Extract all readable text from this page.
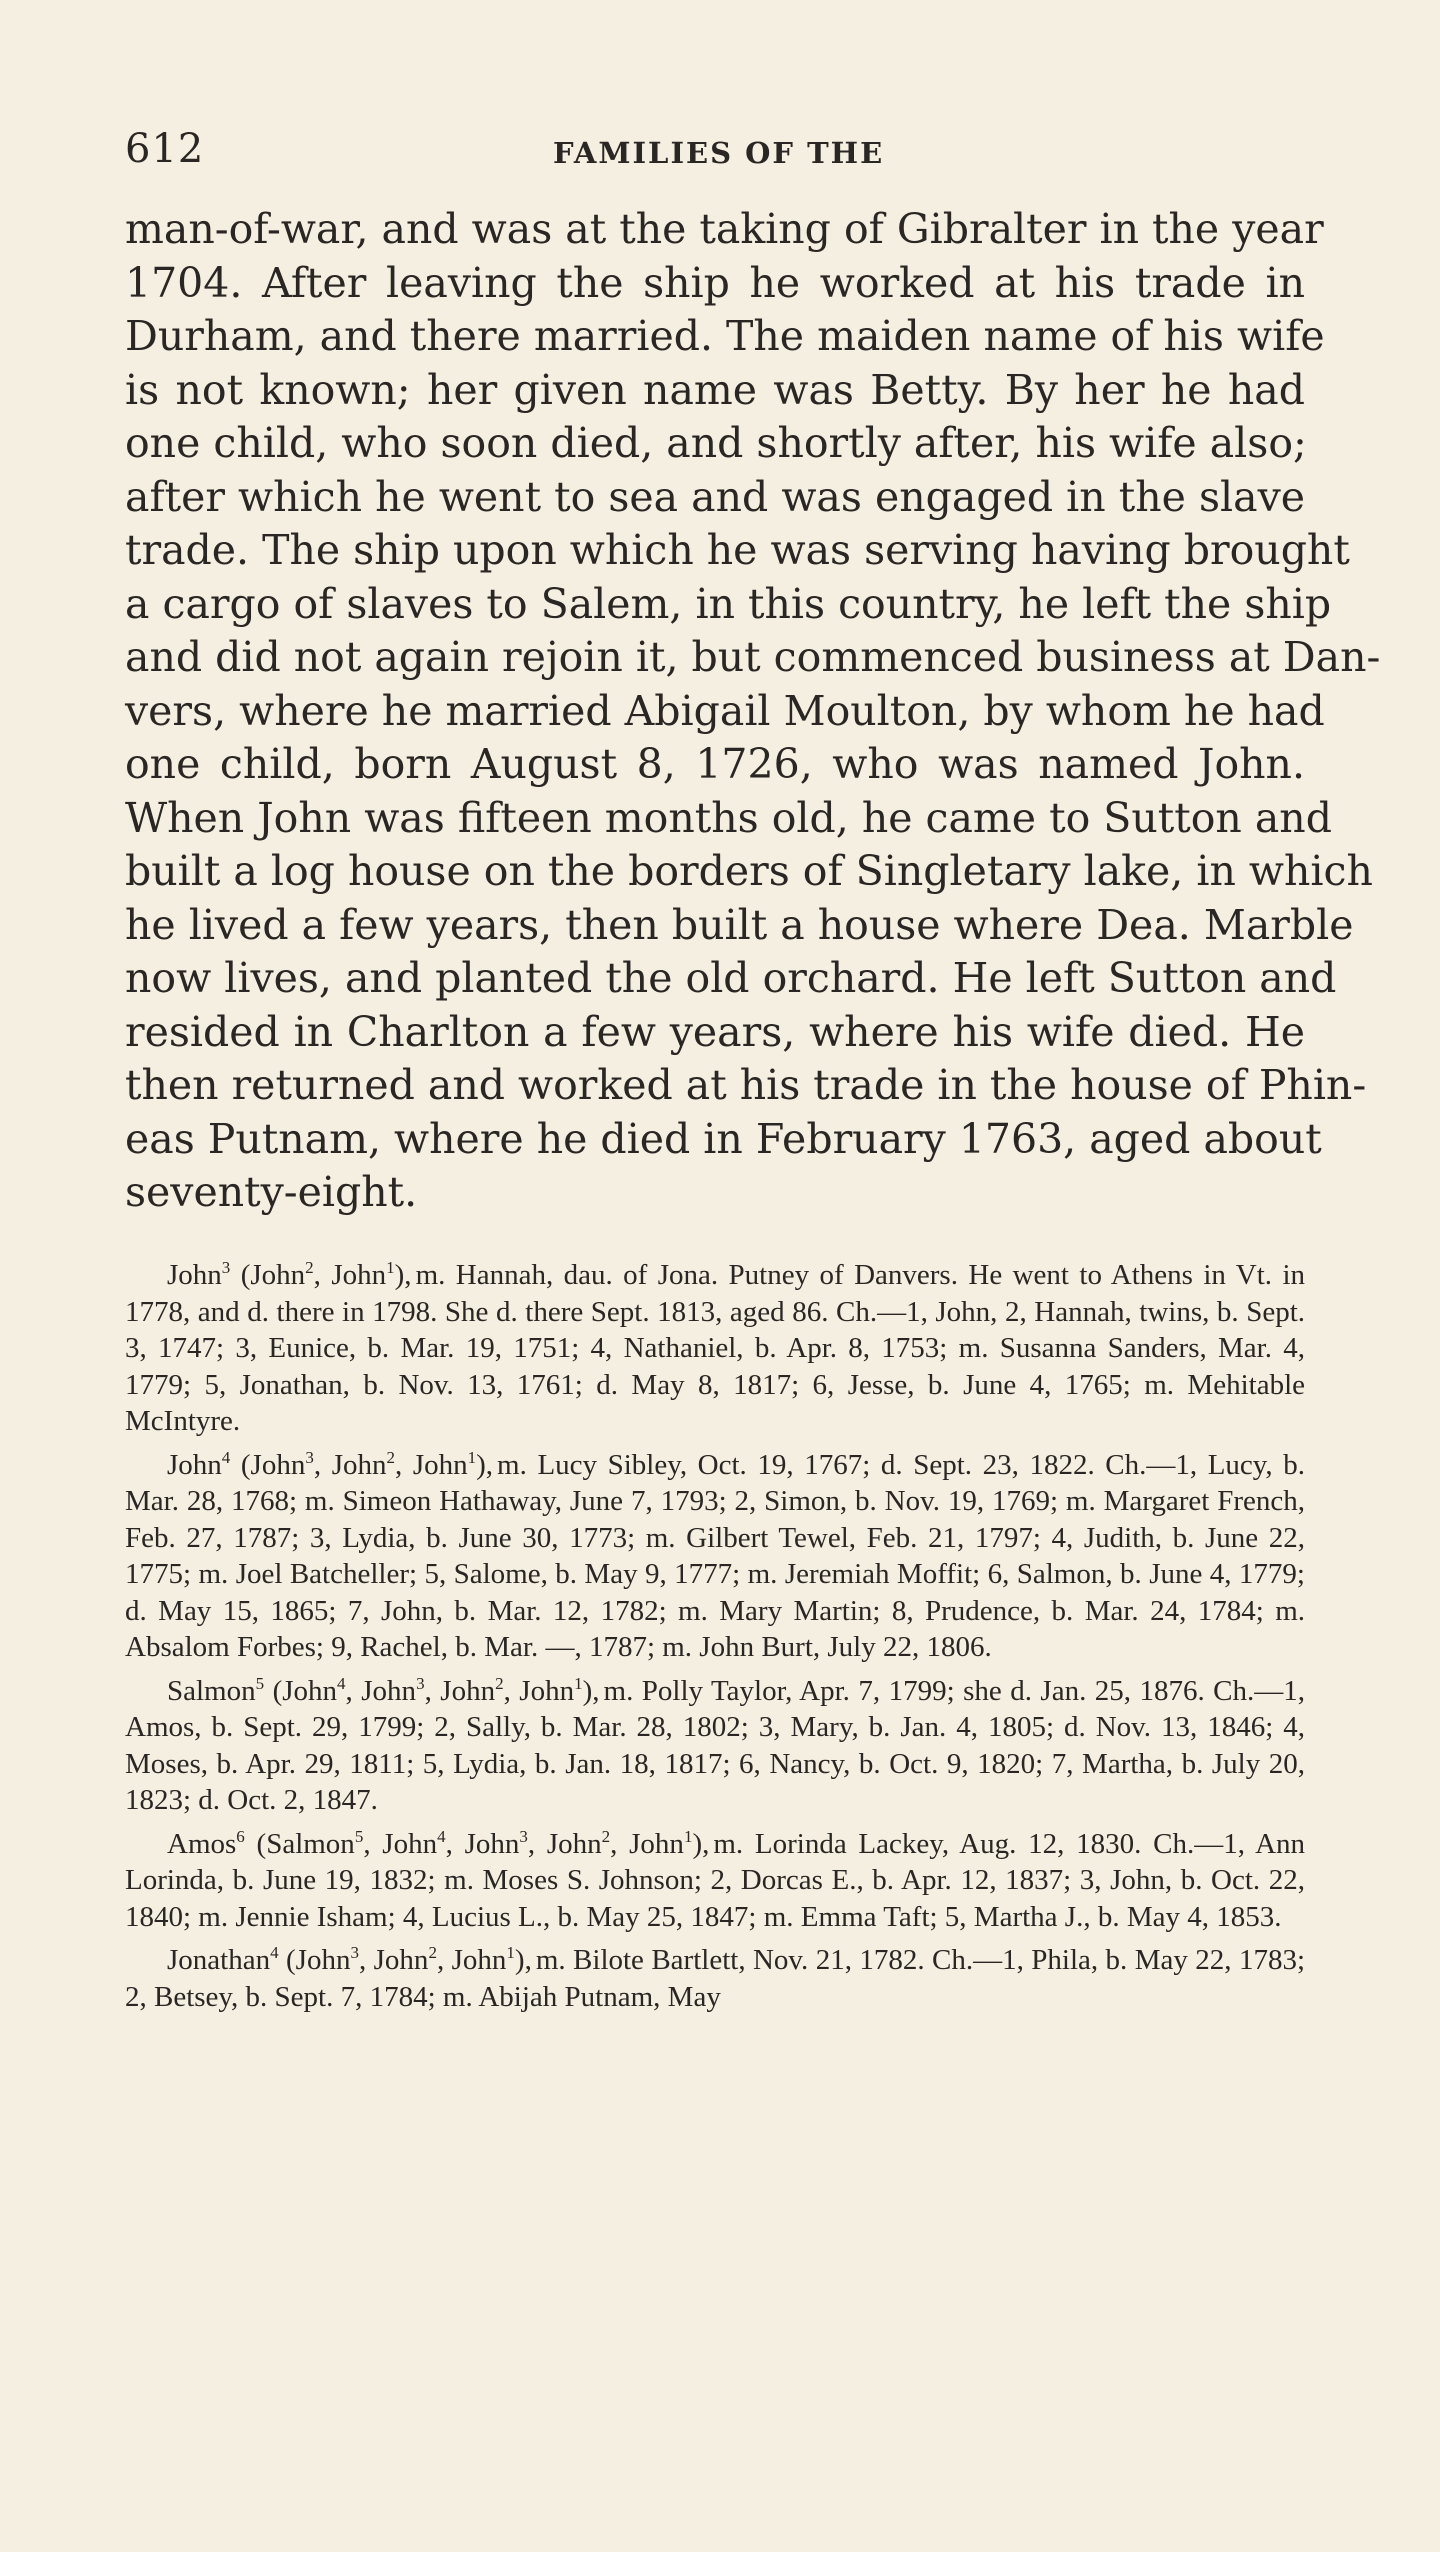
612	FAMILIES OF THE
man-of-war, and was at the taking of Gibralter in the year
1704. After leaving the ship he worked at his trade in
Durham, and there married. The maiden name of his wife
is not known; her given name was Betty. By her he had
one child, who soon died, and shortly after, his wife also;
after which he went to sea and was engaged in the slave
trade. The ship upon which he was serving having brought
a cargo of slaves to Salem, in this country, he left the ship
and did not again rejoin it, but commenced business at Dan-
vers, where he married Abigail Moulton, by whom he had
one child, born August 8, 1726, who was named John.
When John was fifteen months old, he came to Sutton and
built a log house on the borders of Singletary lake, in which
he lived a few years, then built a house where Dea. Marble
now lives, and planted the old orchard. He left Sutton and
resided in Charlton a few years, where his wife died. He
then returned and worked at his trade in the house of Phin-
eas Putnam, where he died in February 1763, aged about
seventy-eight.

John$^3$ (John$^2$, John$^1$), m. Hannah, dau. of Jona. Putney of Danvers. He went to Athens in Vt. in 1778, and d. there in 1798. She d. there Sept. 1813, aged 86. Ch.—1, John, 2, Hannah, twins, b. Sept. 3, 1747; 3, Eunice, b. Mar. 19, 1751; 4, Nathaniel, b. Apr. 8, 1753; m. Susanna Sanders, Mar. 4, 1779; 5, Jonathan, b. Nov. 13, 1761; d. May 8, 1817; 6, Jesse, b. June 4, 1765; m. Mehitable McIntyre.

John$^4$ (John$^3$, John$^2$, John$^1$), m. Lucy Sibley, Oct. 19, 1767; d. Sept. 23, 1822. Ch.—1, Lucy, b. Mar. 28, 1768; m. Simeon Hathaway, June 7, 1793; 2, Simon, b. Nov. 19, 1769; m. Margaret French, Feb. 27, 1787; 3, Lydia, b. June 30, 1773; m. Gilbert Tewel, Feb. 21, 1797; 4, Judith, b. June 22, 1775; m. Joel Batcheller; 5, Salome, b. May 9, 1777; m. Jeremiah Moffit; 6, Salmon, b. June 4, 1779; d. May 15, 1865; 7, John, b. Mar. 12, 1782; m. Mary Martin; 8, Prudence, b. Mar. 24, 1784; m. Absalom Forbes; 9, Rachel, b. Mar. —, 1787; m. John Burt, July 22, 1806.

Salmon$^5$ (John$^4$, John$^3$, John$^2$, John$^1$), m. Polly Taylor, Apr. 7, 1799; she d. Jan. 25, 1876. Ch.—1, Amos, b. Sept. 29, 1799; 2, Sally, b. Mar. 28, 1802; 3, Mary, b. Jan. 4, 1805; d. Nov. 13, 1846; 4, Moses, b. Apr. 29, 1811; 5, Lydia, b. Jan. 18, 1817; 6, Nancy, b. Oct. 9, 1820; 7, Martha, b. July 20, 1823; d. Oct. 2, 1847.

Amos$^6$ (Salmon$^5$, John$^4$, John$^3$, John$^2$, John$^1$), m. Lorinda Lackey, Aug. 12, 1830. Ch.—1, Ann Lorinda, b. June 19, 1832; m. Moses S. Johnson; 2, Dorcas E., b. Apr. 12, 1837; 3, John, b. Oct. 22, 1840; m. Jennie Isham; 4, Lucius L., b. May 25, 1847; m. Emma Taft; 5, Martha J., b. May 4, 1853.

Jonathan$^4$ (John$^3$, John$^2$, John$^1$), m. Bilote Bartlett, Nov. 21, 1782. Ch.—1, Phila, b. May 22, 1783; 2, Betsey, b. Sept. 7, 1784; m. Abijah Putnam, May
